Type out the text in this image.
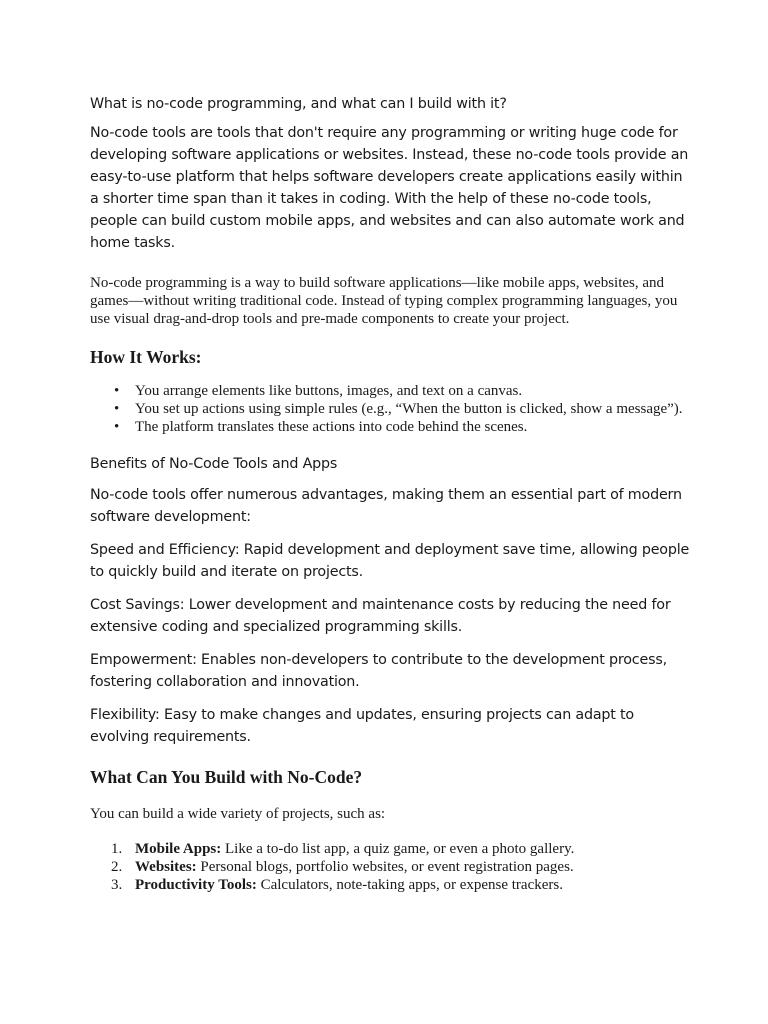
What is no-code programming, and what can I build with it?

No-code tools are tools that don't require any programming or writing huge code for developing software applications or websites. Instead, these no-code tools provide an easy-to-use platform that helps software developers create applications easily within a shorter time span than it takes in coding. With the help of these no-code tools, people can build custom mobile apps, and websites and can also automate work and home tasks.

No-code programming is a way to build software applications—like mobile apps, websites, and games—without writing traditional code. Instead of typing complex programming languages, you use visual drag-and-drop tools and pre-made components to create your project.

How It Works:
• You arrange elements like buttons, images, and text on a canvas.
• You set up actions using simple rules (e.g., “When the button is clicked, show a message”).
• The platform translates these actions into code behind the scenes.

Benefits of No-Code Tools and Apps

No-code tools offer numerous advantages, making them an essential part of modern software development:

Speed and Efficiency: Rapid development and deployment save time, allowing people to quickly build and iterate on projects.

Cost Savings: Lower development and maintenance costs by reducing the need for extensive coding and specialized programming skills.

Empowerment: Enables non-developers to contribute to the development process, fostering collaboration and innovation.

Flexibility: Easy to make changes and updates, ensuring projects can adapt to evolving requirements.

What Can You Build with No-Code?

You can build a wide variety of projects, such as:

1. Mobile Apps: Like a to-do list app, a quiz game, or even a photo gallery.
2. Websites: Personal blogs, portfolio websites, or event registration pages.
3. Productivity Tools: Calculators, note-taking apps, or expense trackers.
